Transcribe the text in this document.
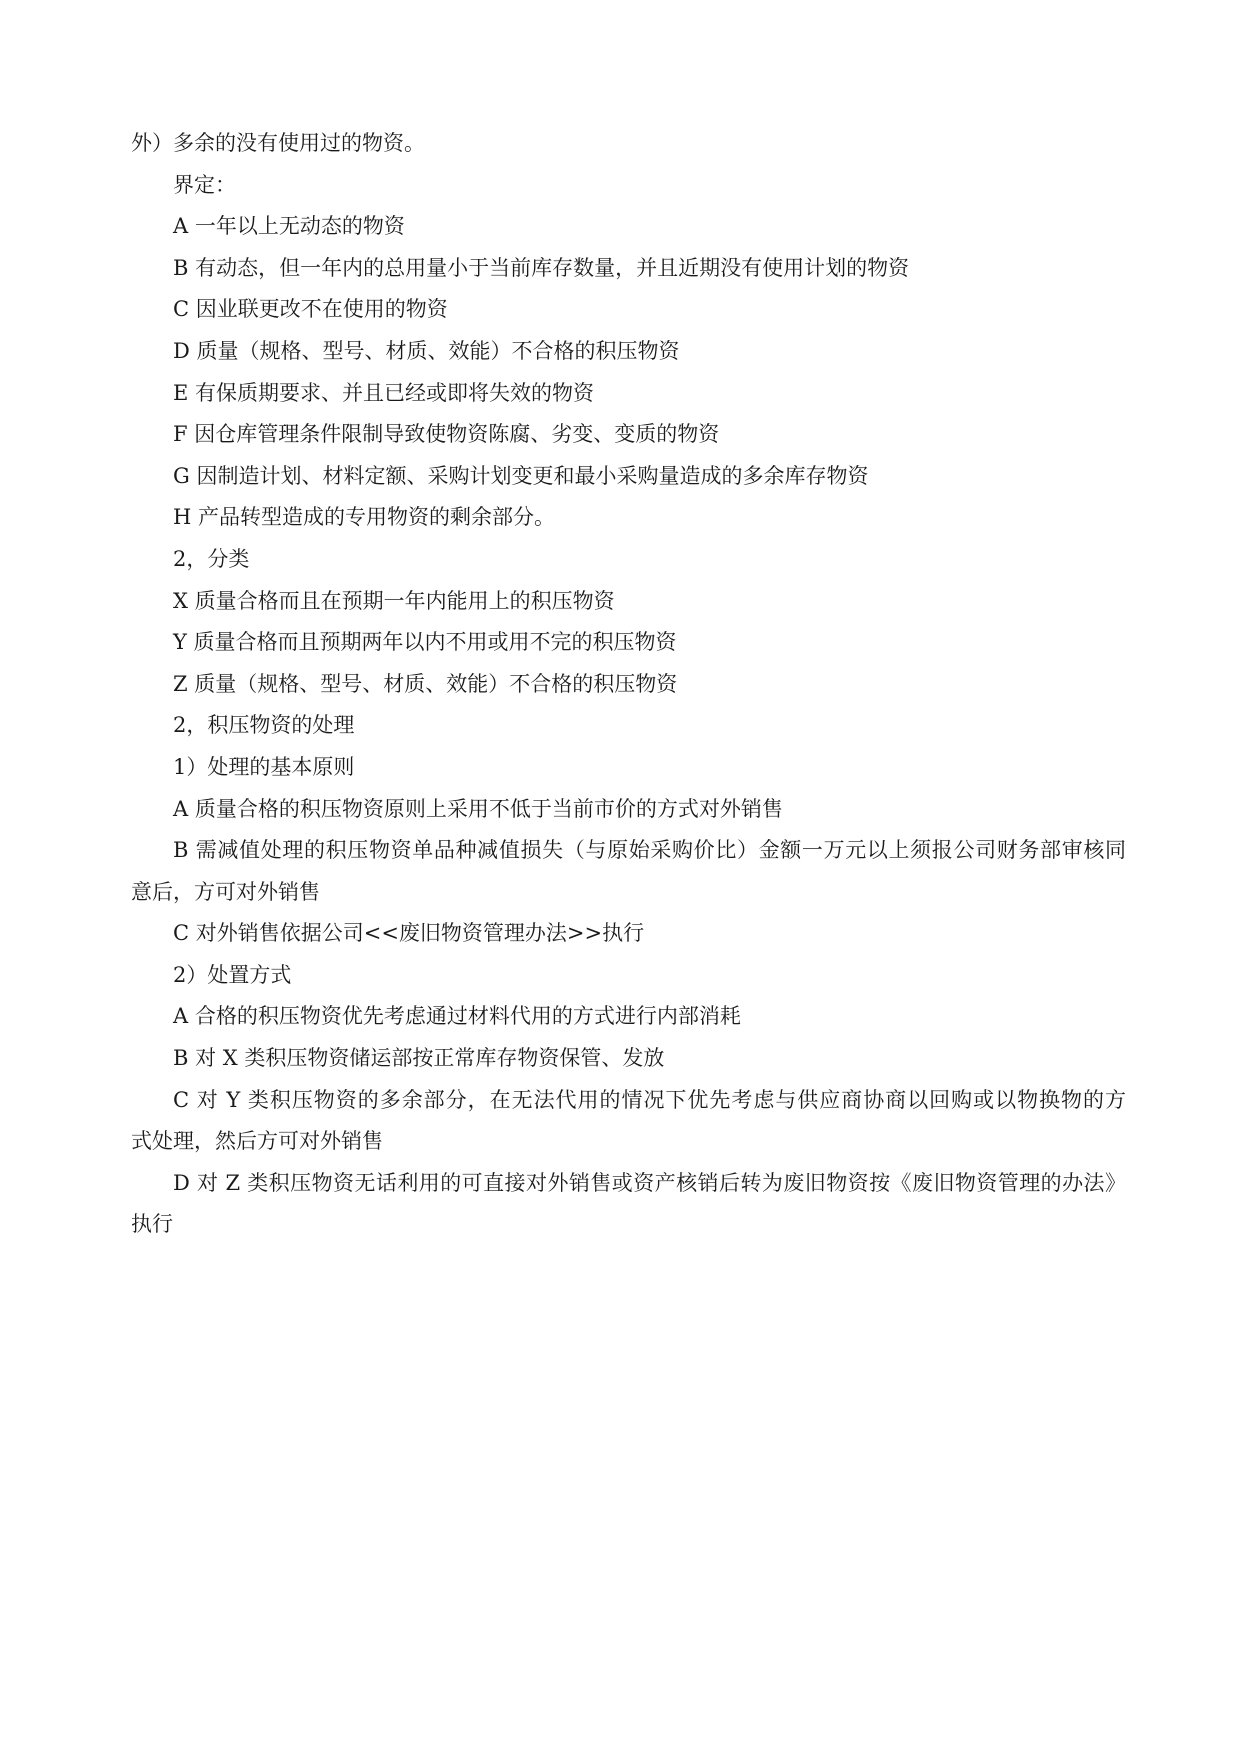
外）多余的没有使用过的物资。

界定：

A 一年以上无动态的物资

B 有动态，但一年内的总用量小于当前库存数量，并且近期没有使用计划的物资

C 因业联更改不在使用的物资

D 质量（规格、型号、材质、效能）不合格的积压物资

E 有保质期要求、并且已经或即将失效的物资

F 因仓库管理条件限制导致使物资陈腐、劣变、变质的物资

G 因制造计划、材料定额、采购计划变更和最小采购量造成的多余库存物资

H 产品转型造成的专用物资的剩余部分。

2，分类

X 质量合格而且在预期一年内能用上的积压物资

Y 质量合格而且预期两年以内不用或用不完的积压物资

Z 质量（规格、型号、材质、效能）不合格的积压物资

2，积压物资的处理

1）处理的基本原则

A 质量合格的积压物资原则上采用不低于当前市价的方式对外销售

B 需减值处理的积压物资单品种减值损失（与原始采购价比）金额一万元以上须报公司财务部审核同

意后，方可对外销售

C 对外销售依据公司<<废旧物资管理办法>>执行

2）处置方式

A 合格的积压物资优先考虑通过材料代用的方式进行内部消耗

B 对 X 类积压物资储运部按正常库存物资保管、发放

C 对 Y 类积压物资的多余部分，在无法代用的情况下优先考虑与供应商协商以回购或以物换物的方

式处理，然后方可对外销售

D 对 Z 类积压物资无话利用的可直接对外销售或资产核销后转为废旧物资按《废旧物资管理的办法》

执行
